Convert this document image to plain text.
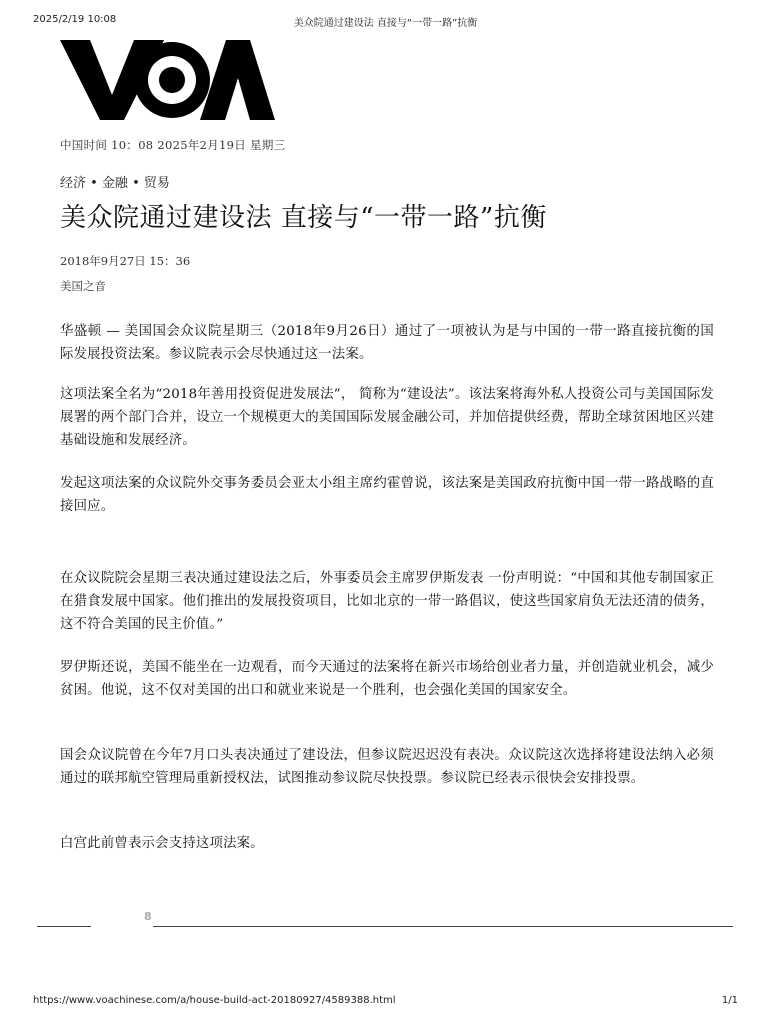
2025/2/19 10:08	美众院通过建设法 直接与“一带一路”抗衡
中国时间 10：08 2025年2月19日 星期三
经济 • 金融 • 贸易
美众院通过建设法 直接与“一带一路”抗衡
2018年9月27日 15：36
美国之音

华盛顿 — 美国国会众议院星期三（2018年9月26日）通过了一项被认为是与中国的一带一路直接抗衡的国际发展投资法案。参议院表示会尽快通过这一法案。

这项法案全名为“2018年善用投资促进发展法”， 简称为“建设法”。该法案将海外私人投资公司与美国国际发展署的两个部门合并，设立一个规模更大的美国国际发展金融公司，并加倍提供经费，帮助全球贫困地区兴建基础设施和发展经济。

发起这项法案的众议院外交事务委员会亚太小组主席约霍曾说，该法案是美国政府抗衡中国一带一路战略的直接回应。

在众议院院会星期三表决通过建设法之后，外事委员会主席罗伊斯发表 一份声明说：“中国和其他专制国家正在猎食发展中国家。他们推出的发展投资项目，比如北京的一带一路倡议，使这些国家肩负无法还清的债务，这不符合美国的民主价值。”

罗伊斯还说，美国不能坐在一边观看，而今天通过的法案将在新兴市场给创业者力量，并创造就业机会，减少贫困。他说，这不仅对美国的出口和就业来说是一个胜利，也会强化美国的国家安全。

国会众议院曾在今年7月口头表决通过了建设法，但参议院迟迟没有表决。众议院这次选择将建设法纳入必须通过的联邦航空管理局重新授权法，试图推动参议院尽快投票。参议院已经表示很快会安排投票。

白宫此前曾表示会支持这项法案。

8
https://www.voachinese.com/a/house-build-act-20180927/4589388.html	1/1
